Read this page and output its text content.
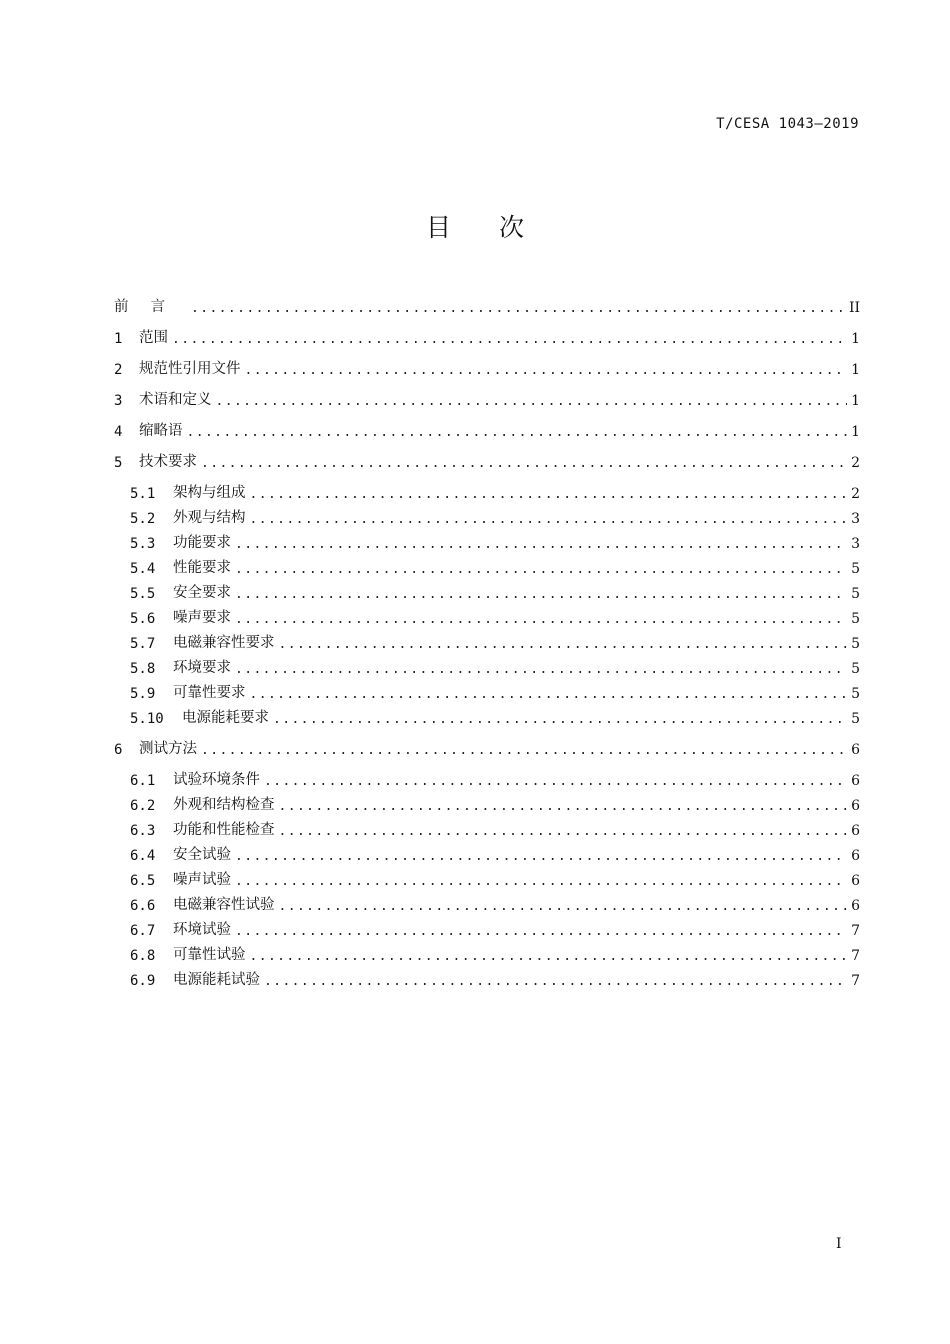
T/CESA 1043—2019
目次
前言 .....	II
1	范围 .....	1
2	规范性引用文件 .....	1
3	术语和定义 .....	1
4	缩略语 .....	1
5	技术要求 .....	2
5.1	架构与组成 .....	2
5.2	外观与结构 .....	3
5.3	功能要求 .....	3
5.4	性能要求 .....	5
5.5	安全要求 .....	5
5.6	噪声要求 .....	5
5.7	电磁兼容性要求 .....	5
5.8	环境要求 .....	5
5.9	可靠性要求 .....	5
5.10	电源能耗要求 .....	5
6	测试方法 .....	6
6.1	试验环境条件 .....	6
6.2	外观和结构检查 .....	6
6.3	功能和性能检查 .....	6
6.4	安全试验 .....	6
6.5	噪声试验 .....	6
6.6	电磁兼容性试验 .....	6
6.7	环境试验 .....	7
6.8	可靠性试验 .....	7
6.9	电源能耗试验 .....	7
I
